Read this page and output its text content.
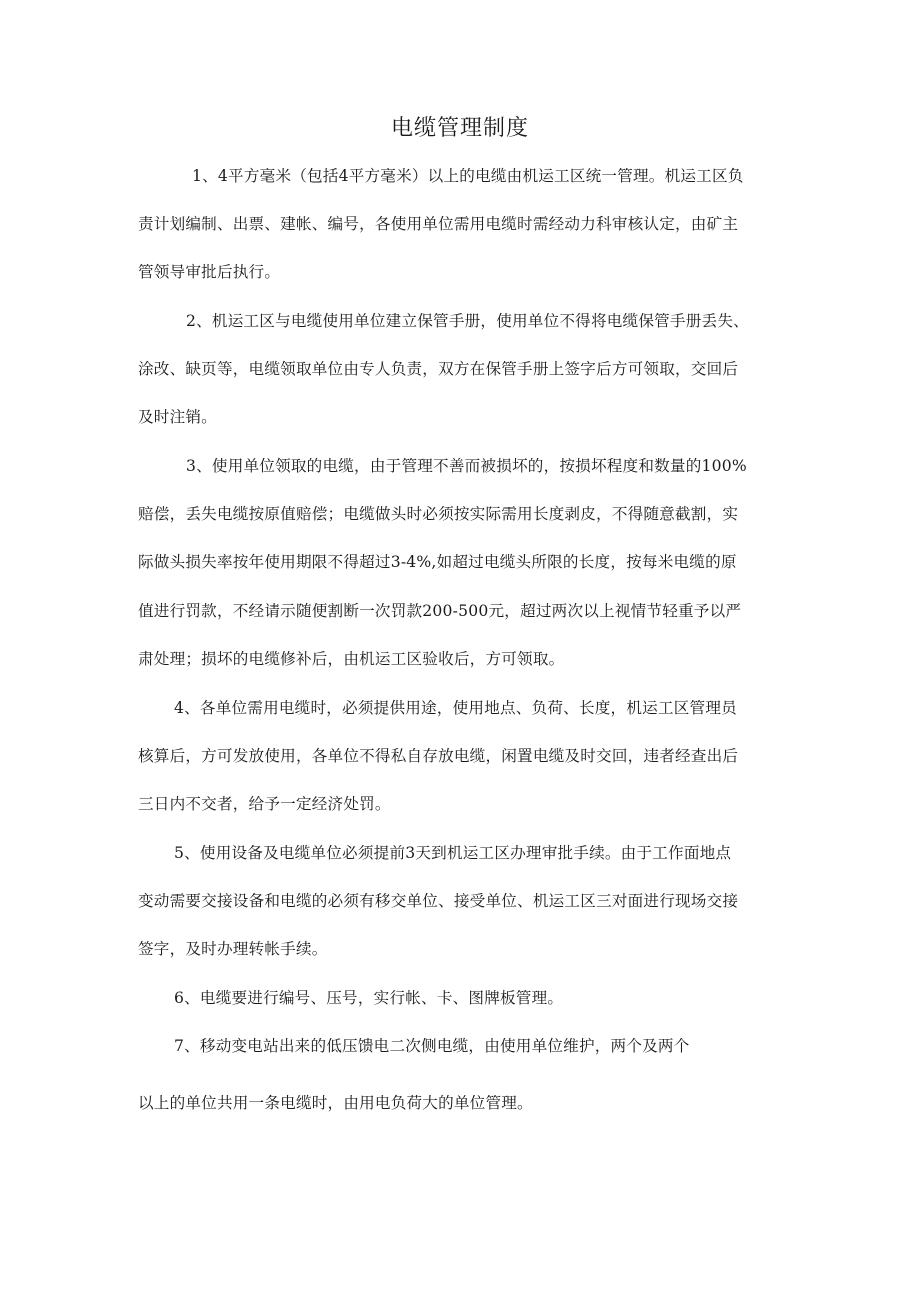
电缆管理制度
1、4平方毫米（包括4平方毫米）以上的电缆由机运工区统一管理。机运工区负
责计划编制、出票、建帐、编号，各使用单位需用电缆时需经动力科审核认定，由矿主
管领导审批后执行。
2、机运工区与电缆使用单位建立保管手册，使用单位不得将电缆保管手册丢失、
涂改、缺页等，电缆领取单位由专人负责，双方在保管手册上签字后方可领取，交回后
及时注销。
3、使用单位领取的电缆，由于管理不善而被损坏的，按损坏程度和数量的100%
赔偿，丢失电缆按原值赔偿；电缆做头时必须按实际需用长度剥皮，不得随意截割，实
际做头损失率按年使用期限不得超过3-4%,如超过电缆头所限的长度，按每米电缆的原
值进行罚款，不经请示随便割断一次罚款200-500元，超过两次以上视情节轻重予以严
肃处理；损坏的电缆修补后，由机运工区验收后，方可领取。
4、各单位需用电缆时，必须提供用途，使用地点、负荷、长度，机运工区管理员
核算后，方可发放使用，各单位不得私自存放电缆，闲置电缆及时交回，违者经查出后
三日内不交者，给予一定经济处罚。
5、使用设备及电缆单位必须提前3天到机运工区办理审批手续。由于工作面地点
变动需要交接设备和电缆的必须有移交单位、接受单位、机运工区三对面进行现场交接
签字，及时办理转帐手续。
6、电缆要进行编号、压号，实行帐、卡、图牌板管理。
7、移动变电站出来的低压馈电二次侧电缆，由使用单位维护，两个及两个
以上的单位共用一条电缆时，由用电负荷大的单位管理。
